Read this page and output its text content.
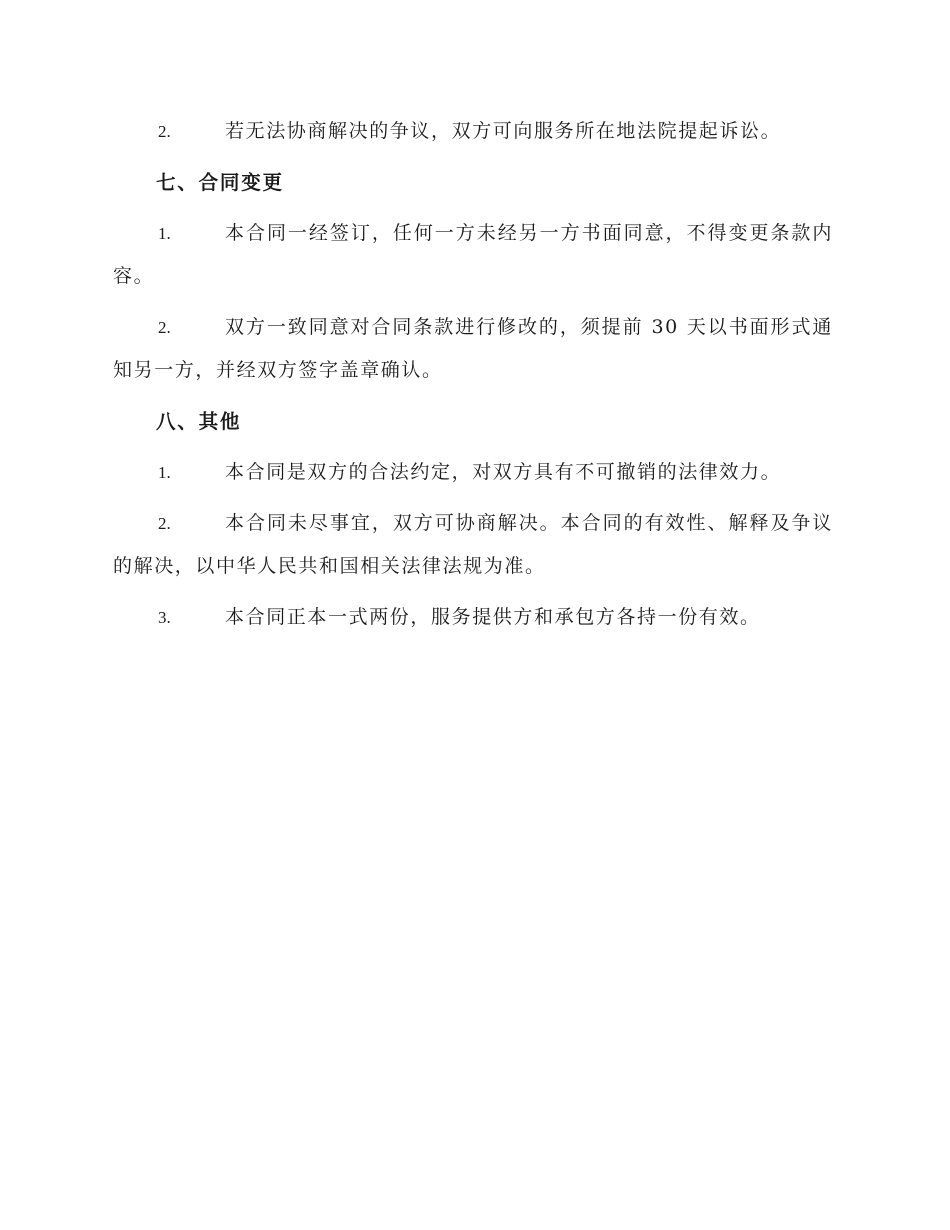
2.	若无法协商解决的争议，双方可向服务所在地法院提起诉讼。

七、合同变更

1.	本合同一经签订，任何一方未经另一方书面同意，不得变更条款内容。

2.	双方一致同意对合同条款进行修改的，须提前 30 天以书面形式通知另一方，并经双方签字盖章确认。

八、其他

1.	本合同是双方的合法约定，对双方具有不可撤销的法律效力。

2.	本合同未尽事宜，双方可协商解决。本合同的有效性、解释及争议的解决，以中华人民共和国相关法律法规为准。

3.	本合同正本一式两份，服务提供方和承包方各持一份有效。
